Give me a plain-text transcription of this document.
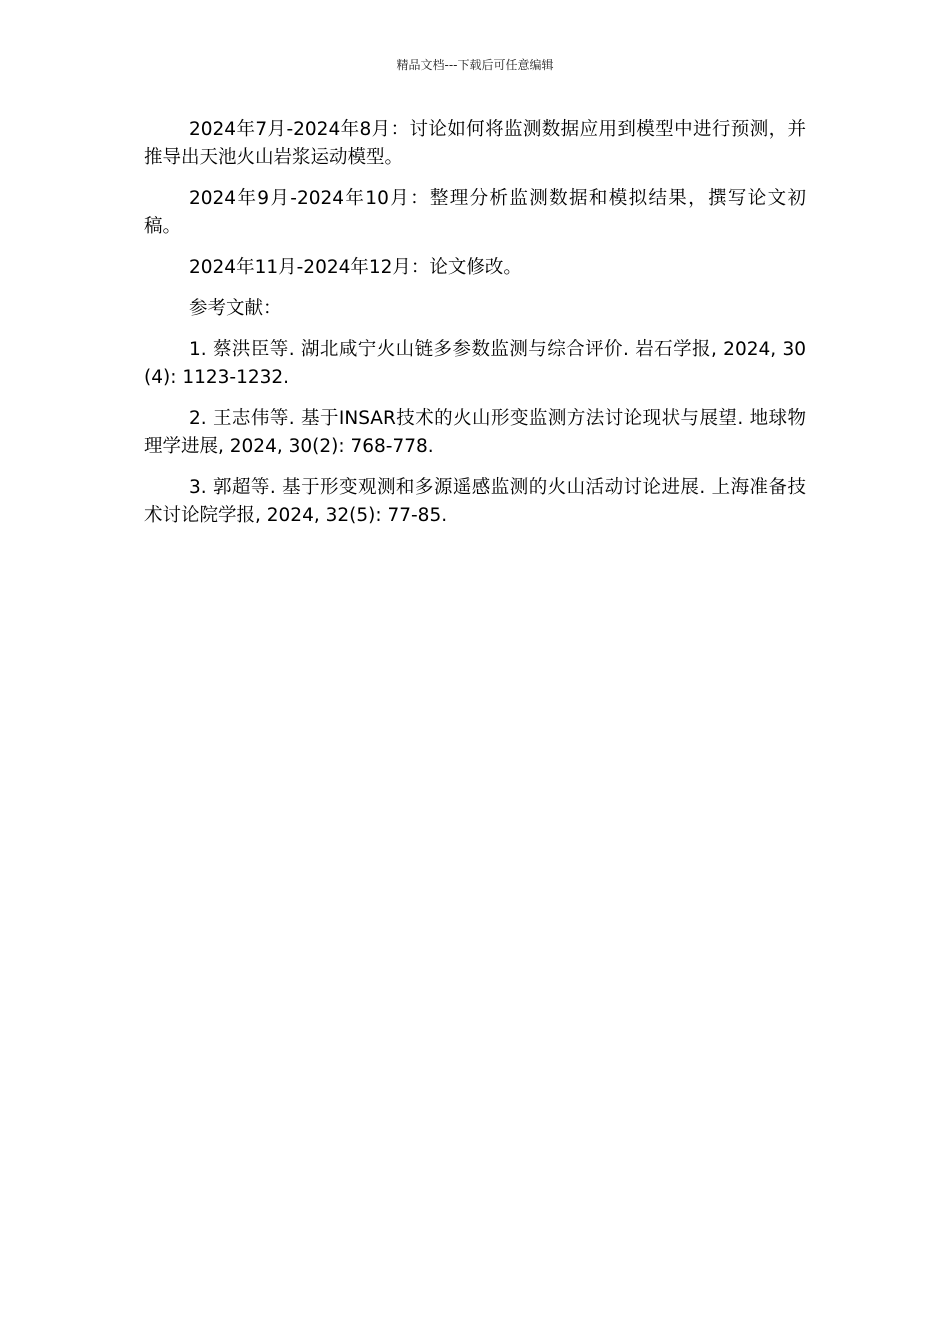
精品文档---下载后可任意编辑

2024年7月-2024年8月：讨论如何将监测数据应用到模型中进行预测，并推导出天池火山岩浆运动模型。

2024年9月-2024年10月：整理分析监测数据和模拟结果，撰写论文初稿。

2024年11月-2024年12月：论文修改。

参考文献：

1. 蔡洪臣等. 湖北咸宁火山链多参数监测与综合评价. 岩石学报, 2024, 30(4): 1123-1232.

2. 王志伟等. 基于INSAR技术的火山形变监测方法讨论现状与展望. 地球物理学进展, 2024, 30(2): 768-778.

3. 郭超等. 基于形变观测和多源遥感监测的火山活动讨论进展. 上海准备技术讨论院学报, 2024, 32(5): 77-85.
